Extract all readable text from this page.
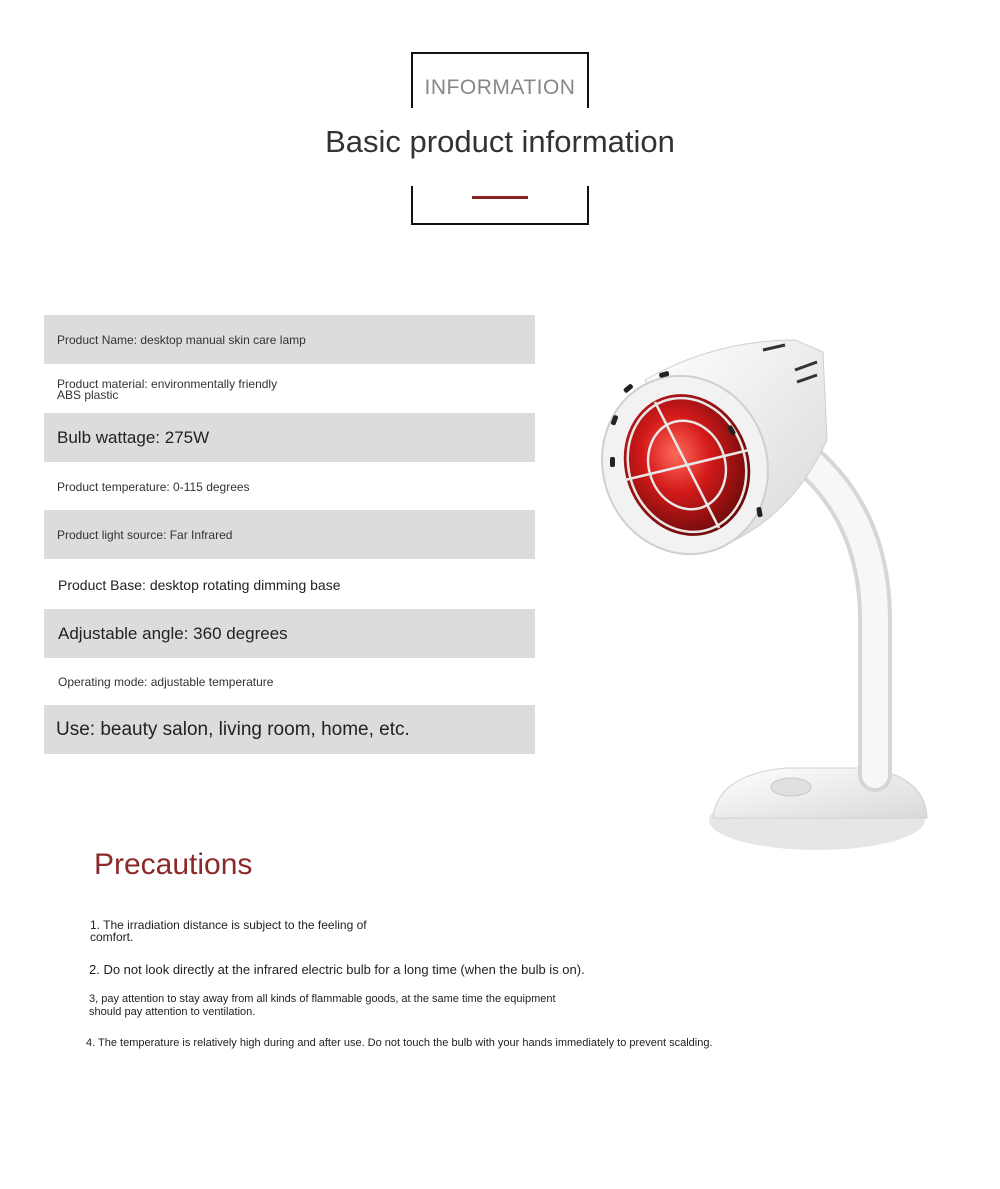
INFORMATION
Basic product information
Product Name: desktop manual skin care lamp
Product material: environmentally friendly
ABS plastic
Bulb wattage: 275W
Product temperature: 0-115 degrees
Product light source: Far Infrared
Product Base: desktop rotating dimming base
Adjustable angle: 360 degrees
Operating mode: adjustable temperature
Use: beauty salon, living room, home, etc.
Precautions
1. The irradiation distance is subject to the feeling of
comfort.
2. Do not look directly at the infrared electric bulb for a long time (when the bulb is on).
3, pay attention to stay away from all kinds of flammable goods, at the same time the equipment
should pay attention to ventilation.
4. The temperature is relatively high during and after use. Do not touch the bulb with your hands immediately to prevent scalding.
